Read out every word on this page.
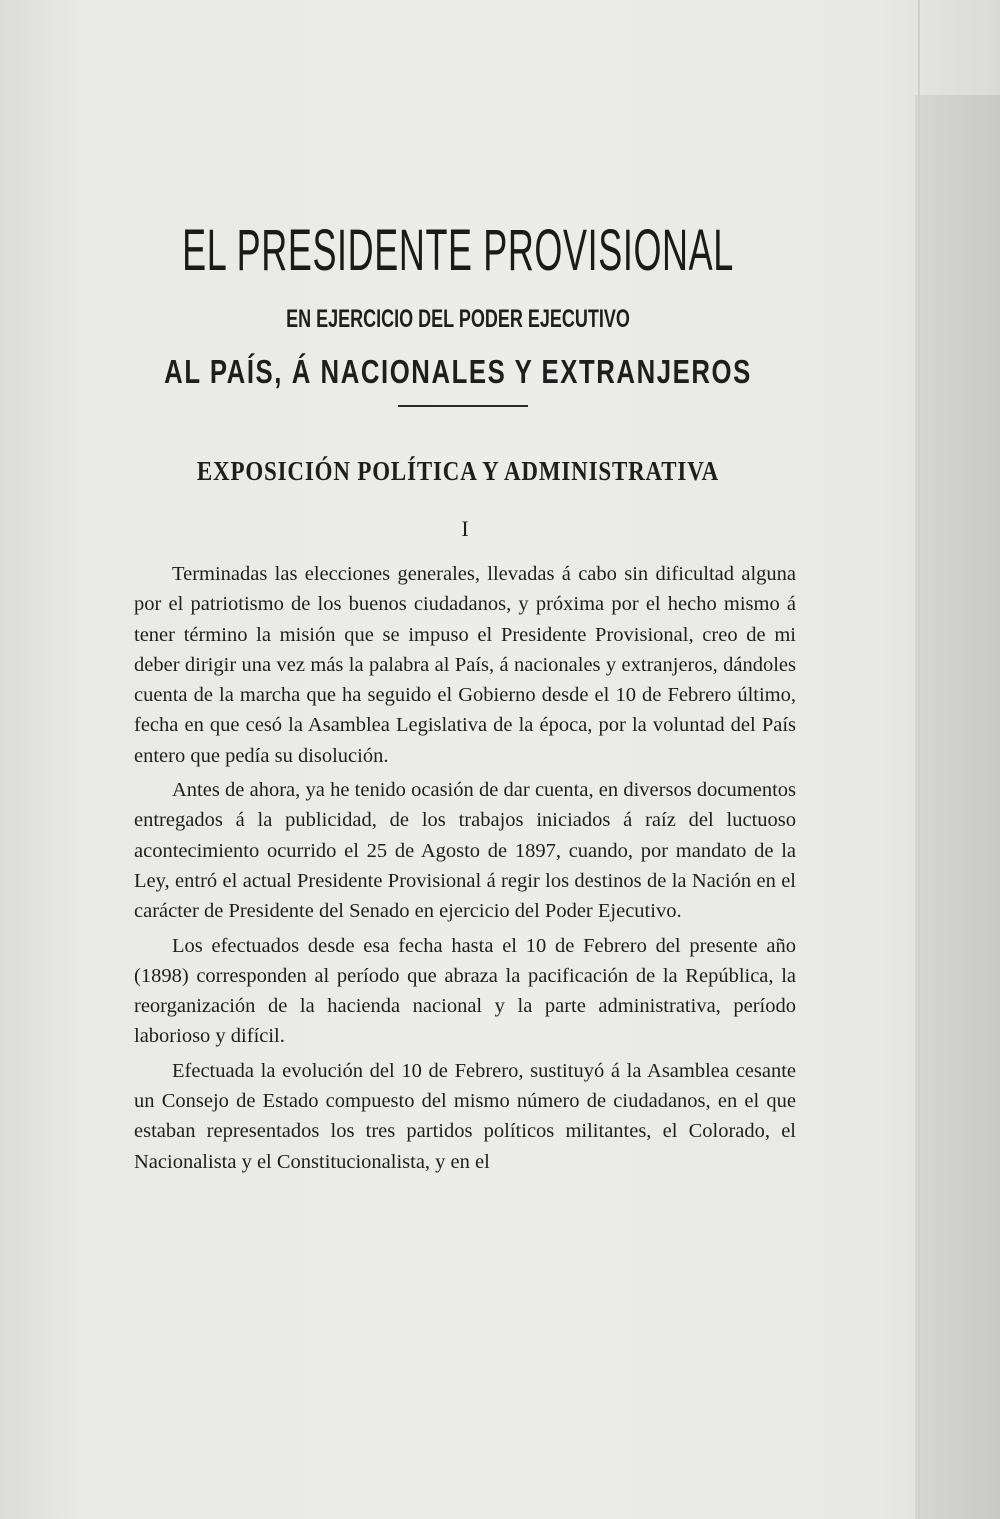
EL PRESIDENTE PROVISIONAL
EN EJERCICIO DEL PODER EJECUTIVO
AL PAÍS, Á NACIONALES Y EXTRANJEROS
EXPOSICIÓN POLÍTICA Y ADMINISTRATIVA
I

Terminadas las elecciones generales, llevadas á cabo sin dificultad alguna por el patriotismo de los buenos ciudadanos, y próxima por el hecho mismo á tener término la misión que se impuso el Presidente Provisional, creo de mi deber dirigir una vez más la palabra al País, á nacionales y extranjeros, dándoles cuenta de la marcha que ha seguido el Gobierno desde el 10 de Febrero último, fecha en que cesó la Asamblea Legislativa de la época, por la voluntad del País entero que pedía su disolución.

Antes de ahora, ya he tenido ocasión de dar cuenta, en diversos documentos entregados á la publicidad, de los trabajos iniciados á raíz del luctuoso acontecimiento ocurrido el 25 de Agosto de 1897, cuando, por mandato de la Ley, entró el actual Presidente Provisional á regir los destinos de la Nación en el carácter de Presidente del Senado en ejercicio del Poder Ejecutivo.

Los efectuados desde esa fecha hasta el 10 de Febrero del presente año (1898) corresponden al período que abraza la pacificación de la República, la reorganización de la hacienda nacional y la parte administrativa, período laborioso y difícil.

Efectuada la evolución del 10 de Febrero, sustituyó á la Asamblea cesante un Consejo de Estado compuesto del mismo número de ciudadanos, en el que estaban representados los tres partidos políticos militantes, el Colorado, el Nacionalista y el Constitucionalista, y en el
